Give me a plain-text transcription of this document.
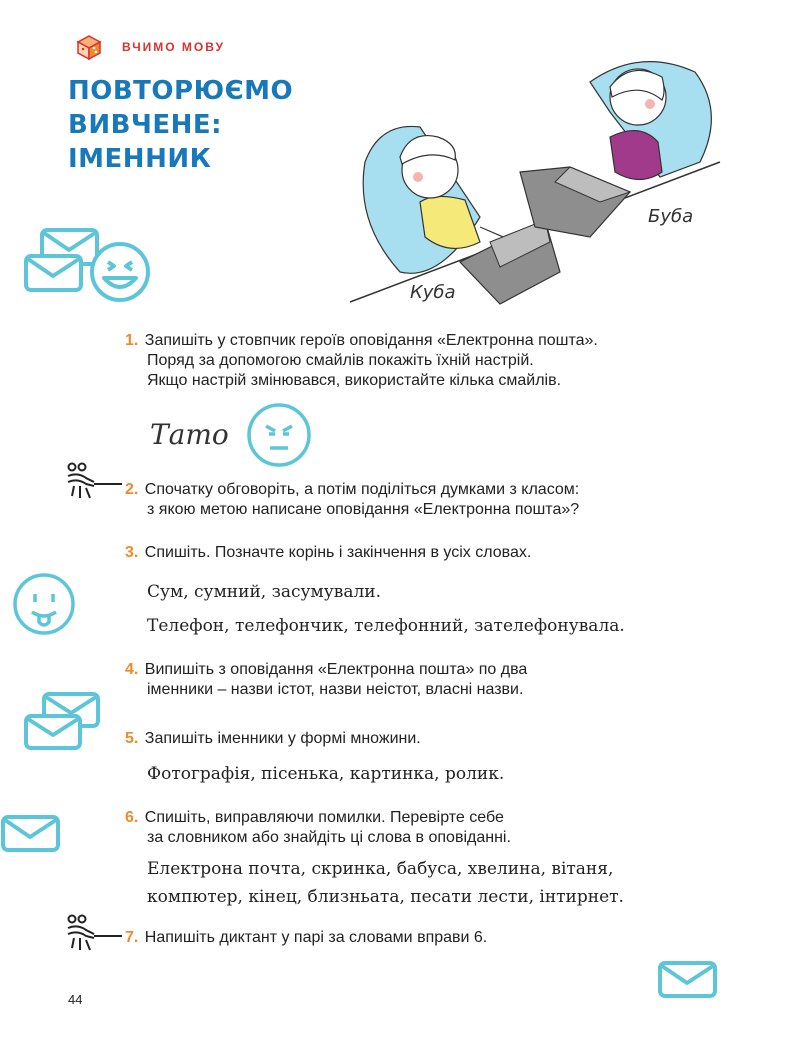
ВЧИМО МОВУ
ПОВТОРЮЄМО
ВИВЧЕНЕ:
ІМЕННИК
Куба
Буба
1. Запишіть у стовпчик героїв оповідання «Електронна пошта».
Поряд за допомогою смайлів покажіть їхній настрій.
Якщо настрій змінювався, використайте кілька смайлів.
Тато
2. Спочатку обговоріть, а потім поділіться думками з класом:
з якою метою написане оповідання «Електронна пошта»?
3. Спишіть. Позначте корінь і закінчення в усіх словах.
Сум, сумний, засумували.
Телефон, телефончик, телефонний, зателефонувала.
4. Випишіть з оповідання «Електронна пошта» по два
іменники – назви істот, назви неістот, власні назви.
5. Запишіть іменники у формі множини.
Фотографія, пісенька, картинка, ролик.
6. Спишіть, виправляючи помилки. Перевірте себе
за словником або знайдіть ці слова в оповіданні.
Електрона почта, скринка, бабуса, хвелина, вітаня,
компютер, кінец, близньата, песати лести, інтирнет.
7. Напишіть диктант у парі за словами вправи 6.
44
